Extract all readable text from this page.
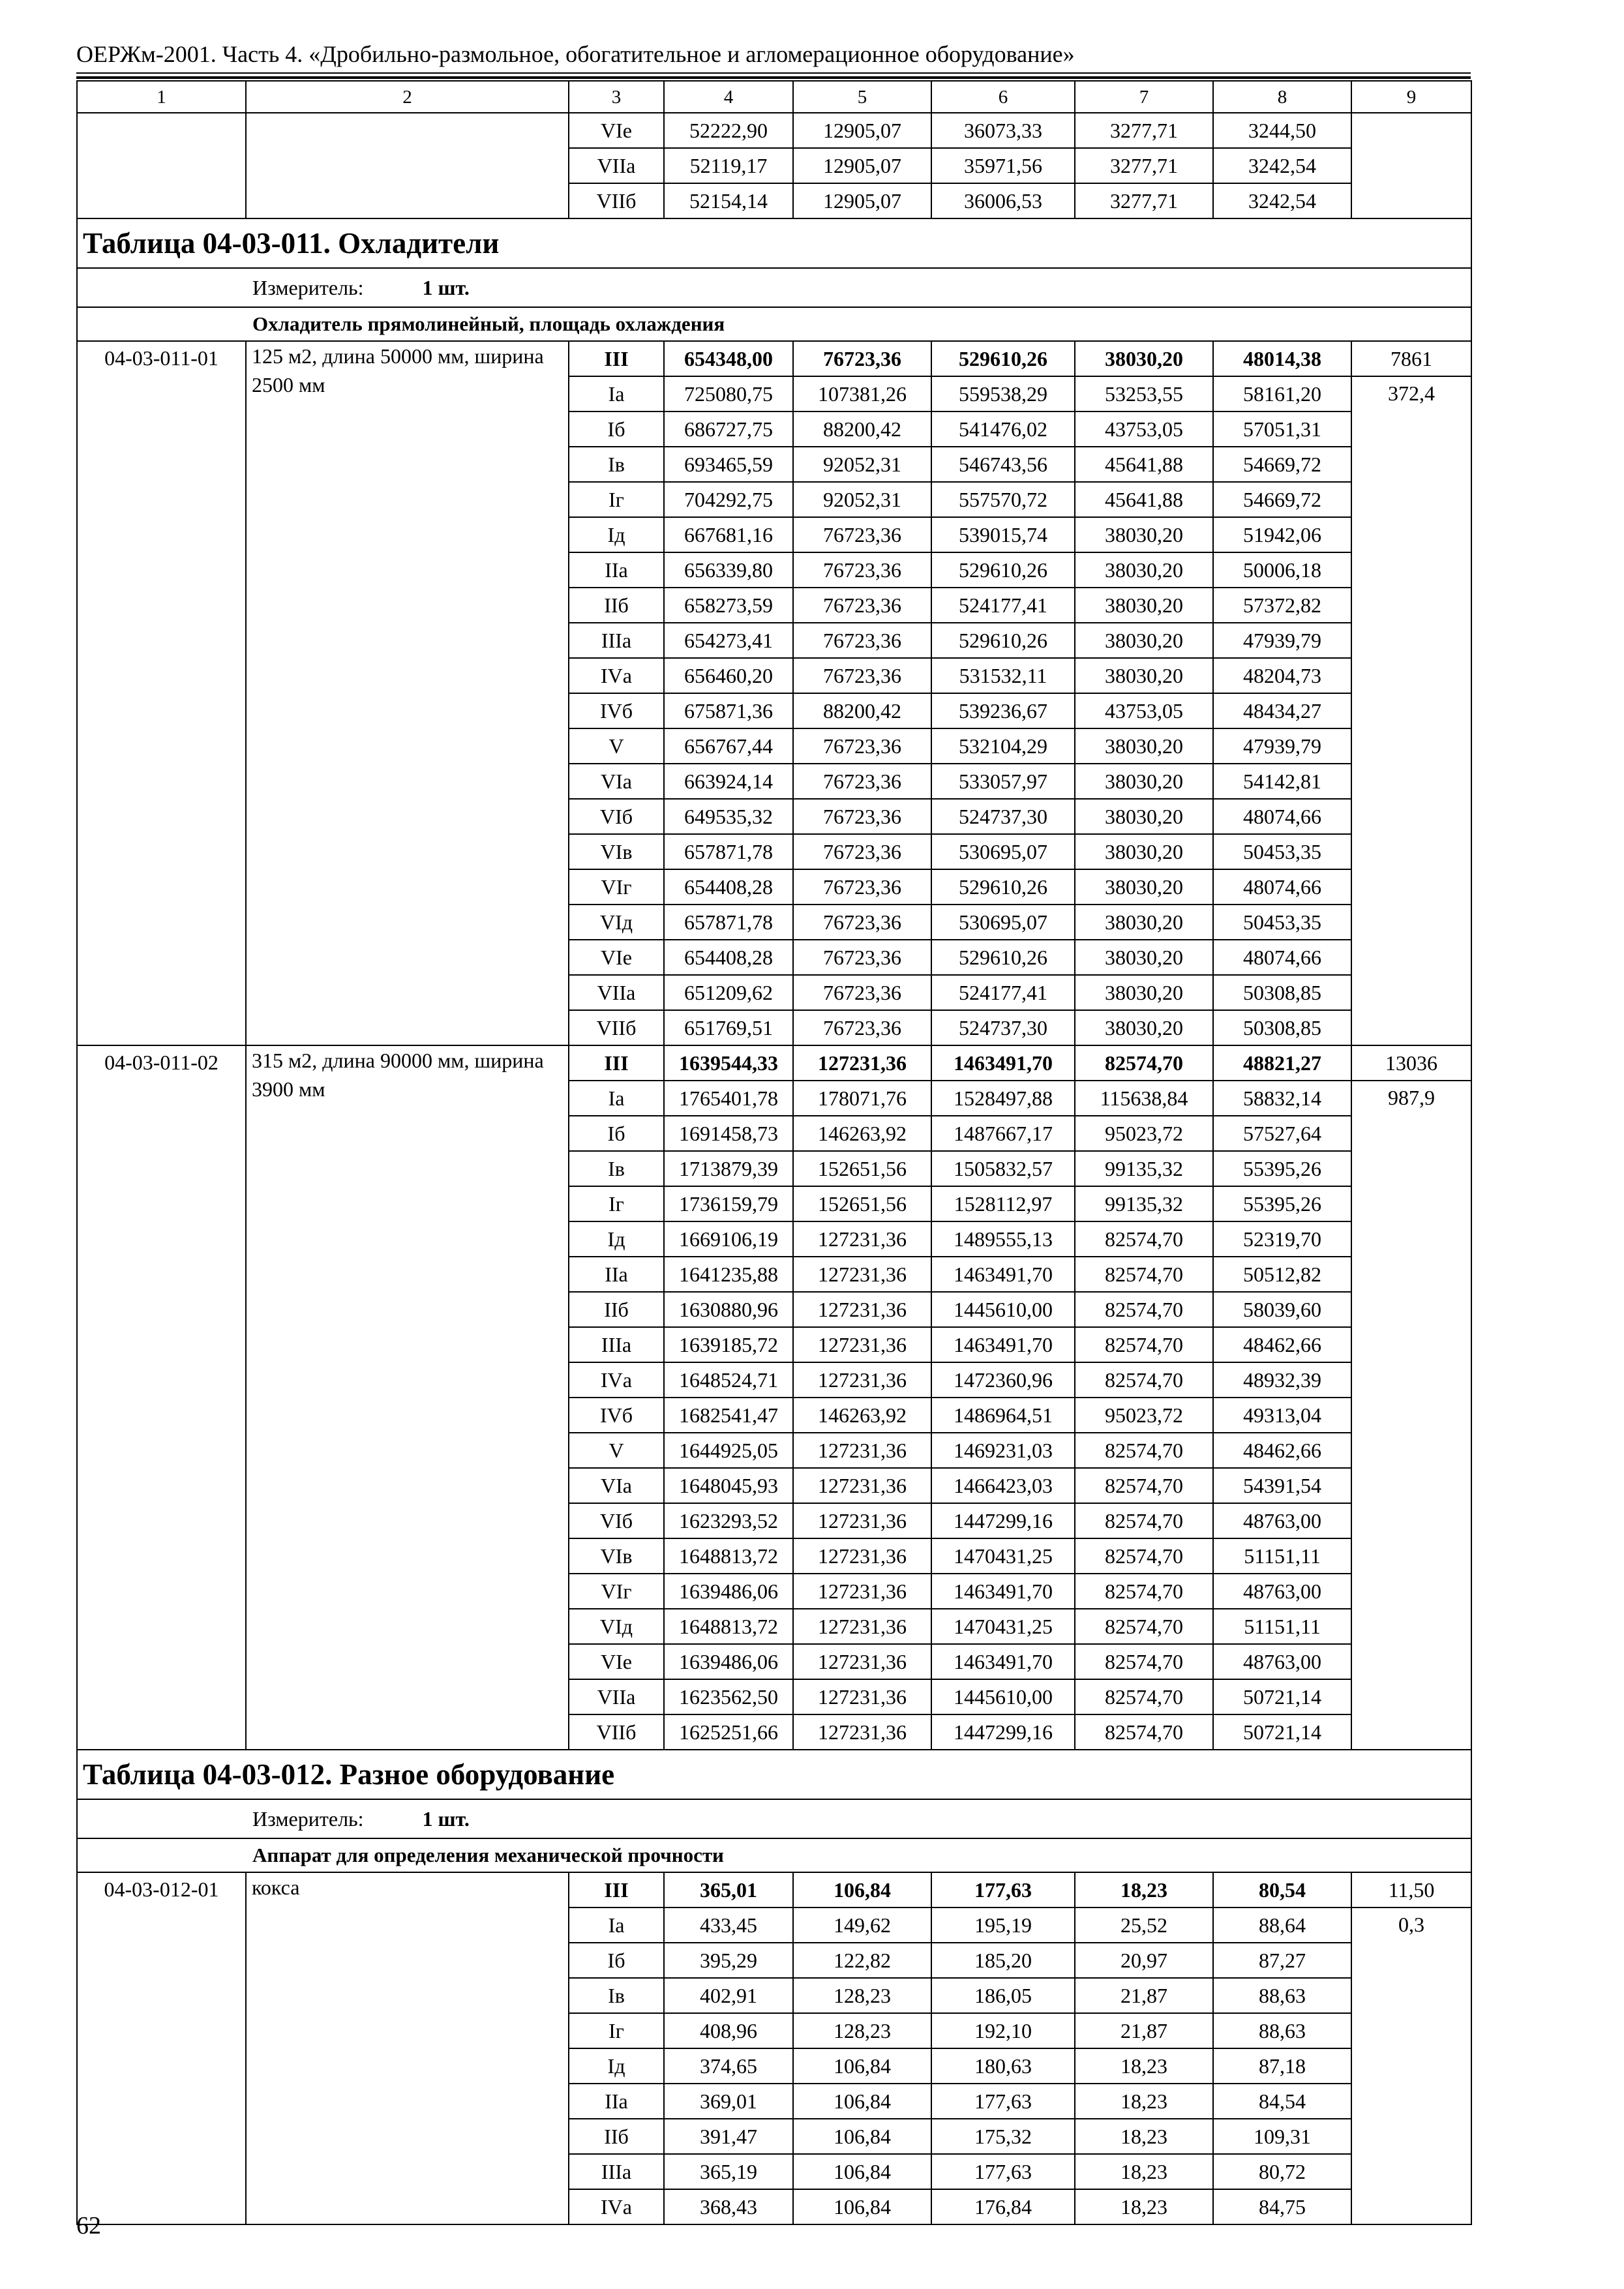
ОЕРЖм-2001. Часть 4. «Дробильно-размольное, обогатительное и агломерационное оборудование»
1	2	3	4	5	6	7	8	9
		VIе	52222,90	12905,07	36073,33	3277,71	3244,50	
		VIIа	52119,17	12905,07	35971,56	3277,71	3242,54	
		VIIб	52154,14	12905,07	36006,53	3277,71	3242,54	
Таблица 04-03-011. Охладители								

Измеритель: 1 шт.								

Охладитель прямолинейный, площадь охлаждения								
04-03-011-01	125 м2, длина 50000 мм, ширина 2500 мм	III	654348,00	76723,36	529610,26	38030,20	48014,38	7861
		Iа	725080,75	107381,26	559538,29	53253,55	58161,20	372,4
		Iб	686727,75	88200,42	541476,02	43753,05	57051,31	
		Iв	693465,59	92052,31	546743,56	45641,88	54669,72	
		Iг	704292,75	92052,31	557570,72	45641,88	54669,72	
		Iд	667681,16	76723,36	539015,74	38030,20	51942,06	
		IIа	656339,80	76723,36	529610,26	38030,20	50006,18	
		IIб	658273,59	76723,36	524177,41	38030,20	57372,82	
		IIIа	654273,41	76723,36	529610,26	38030,20	47939,79	
		IVа	656460,20	76723,36	531532,11	38030,20	48204,73	
		IVб	675871,36	88200,42	539236,67	43753,05	48434,27	
		V	656767,44	76723,36	532104,29	38030,20	47939,79	
		VIа	663924,14	76723,36	533057,97	38030,20	54142,81	
		VIб	649535,32	76723,36	524737,30	38030,20	48074,66	
		VIв	657871,78	76723,36	530695,07	38030,20	50453,35	
		VIг	654408,28	76723,36	529610,26	38030,20	48074,66	
		VIд	657871,78	76723,36	530695,07	38030,20	50453,35	
		VIе	654408,28	76723,36	529610,26	38030,20	48074,66	
		VIIа	651209,62	76723,36	524177,41	38030,20	50308,85	
		VIIб	651769,51	76723,36	524737,30	38030,20	50308,85	
04-03-011-02	315 м2, длина 90000 мм, ширина 3900 мм	III	1639544,33	127231,36	1463491,70	82574,70	48821,27	13036
		Iа	1765401,78	178071,76	1528497,88	115638,84	58832,14	987,9
		Iб	1691458,73	146263,92	1487667,17	95023,72	57527,64	
		Iв	1713879,39	152651,56	1505832,57	99135,32	55395,26	
		Iг	1736159,79	152651,56	1528112,97	99135,32	55395,26	
		Iд	1669106,19	127231,36	1489555,13	82574,70	52319,70	
		IIа	1641235,88	127231,36	1463491,70	82574,70	50512,82	
		IIб	1630880,96	127231,36	1445610,00	82574,70	58039,60	
		IIIа	1639185,72	127231,36	1463491,70	82574,70	48462,66	
		IVа	1648524,71	127231,36	1472360,96	82574,70	48932,39	
		IVб	1682541,47	146263,92	1486964,51	95023,72	49313,04	
		V	1644925,05	127231,36	1469231,03	82574,70	48462,66	
		VIа	1648045,93	127231,36	1466423,03	82574,70	54391,54	
		VIб	1623293,52	127231,36	1447299,16	82574,70	48763,00	
		VIв	1648813,72	127231,36	1470431,25	82574,70	51151,11	
		VIг	1639486,06	127231,36	1463491,70	82574,70	48763,00	
		VIд	1648813,72	127231,36	1470431,25	82574,70	51151,11	
		VIе	1639486,06	127231,36	1463491,70	82574,70	48763,00	
		VIIа	1623562,50	127231,36	1445610,00	82574,70	50721,14	
		VIIб	1625251,66	127231,36	1447299,16	82574,70	50721,14	
Таблица 04-03-012. Разное оборудование								

Измеритель: 1 шт.								

Аппарат для определения механической прочности								
04-03-012-01	кокса	III	365,01	106,84	177,63	18,23	80,54	11,50
		Iа	433,45	149,62	195,19	25,52	88,64	0,3
		Iб	395,29	122,82	185,20	20,97	87,27	
		Iв	402,91	128,23	186,05	21,87	88,63	
		Iг	408,96	128,23	192,10	21,87	88,63	
		Iд	374,65	106,84	180,63	18,23	87,18	
		IIа	369,01	106,84	177,63	18,23	84,54	
		IIб	391,47	106,84	175,32	18,23	109,31	
		IIIа	365,19	106,84	177,63	18,23	80,72	
		IVа	368,43	106,84	176,84	18,23	84,75	
62
